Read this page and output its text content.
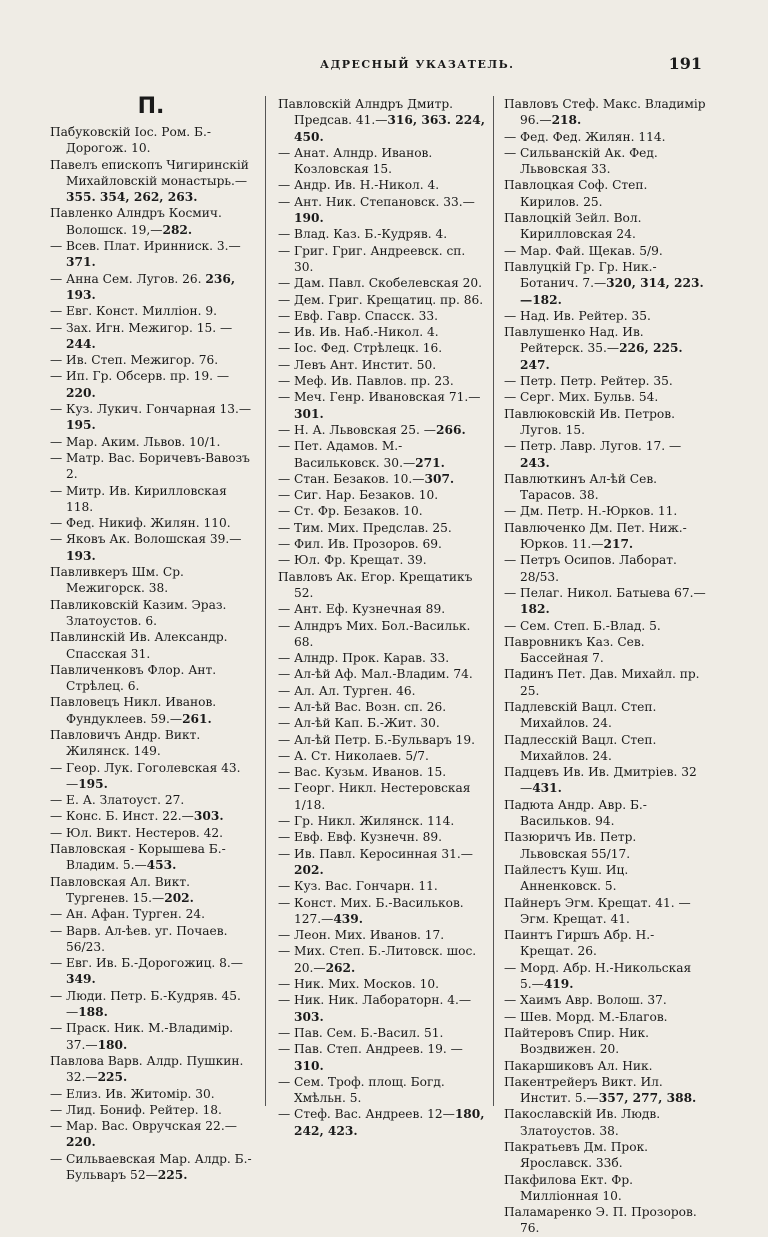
АДРЕСНЫЙ УКАЗАТЕЛЬ.	191
П.
Пабуковскій Іос. Ром. Б.-Дорогож. 10.
Павелъ епископъ Чигиринскій Михайловскій монастырь.—355. 354, 262, 263.
Павленко Алндръ Космич. Волошск. 19,—282.
— Всев. Плат. Иринниск. 3.—371.
— Анна Сем. Лугов. 26. 236, 193.
— Евг. Конст. Милліон. 9.
— Зах. Игн. Межигор. 15. —244.
— Ив. Степ. Межигор. 76.
— Ип. Гр. Обсерв. пр. 19. —220.
— Куз. Лукич. Гончарная 13.—195.
— Мар. Аким. Львов. 10/1.
— Матр. Вас. Боричевъ-Вавозъ 2.
— Митр. Ив. Кирилловская 118.
— Фед. Никиф. Жилян. 110.
— Яковъ Ак. Волошская 39.—193.
Павливкеръ Шм. Ср. Межигорск. 38.
Павликовскій Казим. Эраз. Златоустов. 6.
Павлинскій Ив. Александр. Спасская 31.
Павличенковъ Флор. Ант. Стрѣлец. 6.
Павловецъ Никл. Иванов. Фундуклеев. 59.—261.
Павловичъ Андр. Викт. Жилянск. 149.
— Геор. Лук. Гоголевская 43.—195.
— Е. А. Златоуст. 27.
— Конс. Б. Инст. 22.—303.
— Юл. Викт. Нестеров. 42.
Павловская - Корышева Б.-Владим. 5.—453.
Павловская Ал. Викт. Тургенев. 15.—202.
— Ан. Афан. Турген. 24.
— Варв. Ал-ѣев. уг. Почаев. 56/23.
— Евг. Ив. Б.-Дорогожиц. 8.—349.
— Люди. Петр. Б.-Кудряв. 45.—188.
— Праск. Ник. М.-Владимір. 37.—180.
Павлова Варв. Алдр. Пушкин. 32.—225.
— Елиз. Ив. Житомір. 30.
— Лид. Бониф. Рейтер. 18.
— Мар. Вас. Овручская 22.—220.
— Сильваевская Мар. Алдр. Б.-Бульваръ 52—225.
Павловскій Алндръ Дмитр. Предсав. 41.—316, 363. 224, 450.
— Анат. Алндр. Иванов. Козловская 15.
— Андр. Ив. Н.-Никол. 4.
— Ант. Ник. Степановск. 33.—190.
— Влад. Каз. Б.-Кудряв. 4.
— Григ. Григ. Андреевск. сп. 30.
— Дам. Павл. Скобелевская 20.
— Дем. Григ. Крещатиц. пр. 86.
— Евф. Гавр. Спасск. 33.
— Ив. Ив. Наб.-Никол. 4.
— Іос. Фед. Стрѣлецк. 16.
— Левъ Ант. Инстит. 50.
— Меф. Ив. Павлов. пр. 23.
— Меч. Генр. Ивановская 71.—301.
— Н. А. Львовская 25. —266.
— Пет. Адамов. М.-Васильковск. 30.—271.
— Стан. Безаков. 10.—307.
— Сиг. Нар. Безаков. 10.
— Ст. Фр. Безаков. 10.
— Тим. Мих. Предслав. 25.
— Фил. Ив. Прозоров. 69.
— Юл. Фр. Крещат. 39.
Павловъ Ак. Егор. Крещатикъ 52.
— Ант. Еф. Кузнечная 89.
— Алндръ Мих. Бол.-Васильк. 68.
— Алндр. Прок. Карав. 33.
— Ал-ѣй Аф. Мал.-Владим. 74.
— Ал. Ал. Турген. 46.
— Ал-ѣй Вас. Возн. сп. 26.
— Ал-ѣй Кап. Б.-Жит. 30.
— Ал-ѣй Петр. Б.-Бульваръ 19.
— А. Ст. Николаев. 5/7.
— Вас. Кузьм. Иванов. 15.
— Георг. Никл. Нестеровская 1/18.
— Гр. Никл. Жилянск. 114.
— Евф. Евф. Кузнечн. 89.
— Ив. Павл. Керосинная 31.—202.
— Куз. Вас. Гончарн. 11.
— Конст. Мих. Б.-Васильков. 127.—439.
— Леон. Мих. Иванов. 17.
— Мих. Степ. Б.-Литовск. шос. 20.—262.
— Ник. Мих. Москов. 10.
— Ник. Ник. Лабораторн. 4.—303.
— Пав. Сем. Б.-Васил. 51.
— Пав. Степ. Андреев. 19. —310.
— Сем. Троф. площ. Богд. Хмѣльн. 5.
— Стеф. Вас. Андреев. 12—180, 242, 423.
Павловъ Стеф. Макс. Владимір 96.—218.
— Фед. Фед. Жилян. 114.
— Сильванскій Ак. Фед. Львовская 33.
Павлоцкая Соф. Степ. Кирилов. 25.
Павлоцкій Зейл. Вол. Кирилловская 24.
— Мар. Фай. Щекав. 5/9.
Павлуцкій Гр. Гр. Ник.-Ботанич. 7.—320, 314, 223. —182.
— Над. Ив. Рейтер. 35.
Павлушенко Над. Ив. Рейтерск. 35.—226, 225. 247.
— Петр. Петр. Рейтер. 35.
— Серг. Мих. Бульв. 54.
Павлюковскій Ив. Петров. Лугов. 15.
— Петр. Лавр. Лугов. 17. —243.
Павлюткинъ Ал-ѣй Сев. Тарасов. 38.
— Дм. Петр. Н.-Юрков. 11.
Павлюченко Дм. Пет. Ниж.-Юрков. 11.—217.
— Петръ Осипов. Лаборат. 28/53.
— Пелаг. Никол. Батыева 67.—182.
— Сем. Степ. Б.-Влад. 5.
Павровникъ Каз. Сев. Бассейная 7.
Падинъ Пет. Дав. Михайл. пр. 25.
Падлевскій Вацл. Степ. Михайлов. 24.
Падлесскій Вацл. Степ. Михайлов. 24.
Падцевъ Ив. Ив. Дмитріев. 32—431.
Падюта Андр. Авр. Б.-Васильков. 94.
Пазюричъ Ив. Петр. Львовская 55/17.
Пайлестъ Куш. Иц. Анненковск. 5.
Пайнеръ Эгм. Крещат. 41. —Эгм. Крещат. 41.
Паинтъ Гиршъ Абр. Н.-Крещат. 26.
— Морд. Абр. Н.-Никольская 5.—419.
— Хаимъ Авр. Волош. 37.
— Шев. Морд. М.-Благов.
Пайтеровъ Спир. Ник. Воздвижен. 20.
Пакаршиковъ Ал. Ник.
Пакентрейеръ Викт. Ил. Инстит. 5.—357, 277, 388.
Пакославскій Ив. Людв. Златоустов. 38.
Пакратьевъ Дм. Прок. Ярославск. 33б.
Пакфилова Ект. Фр. Милліонная 10.
Паламаренко Э. П. Прозоров. 76.
